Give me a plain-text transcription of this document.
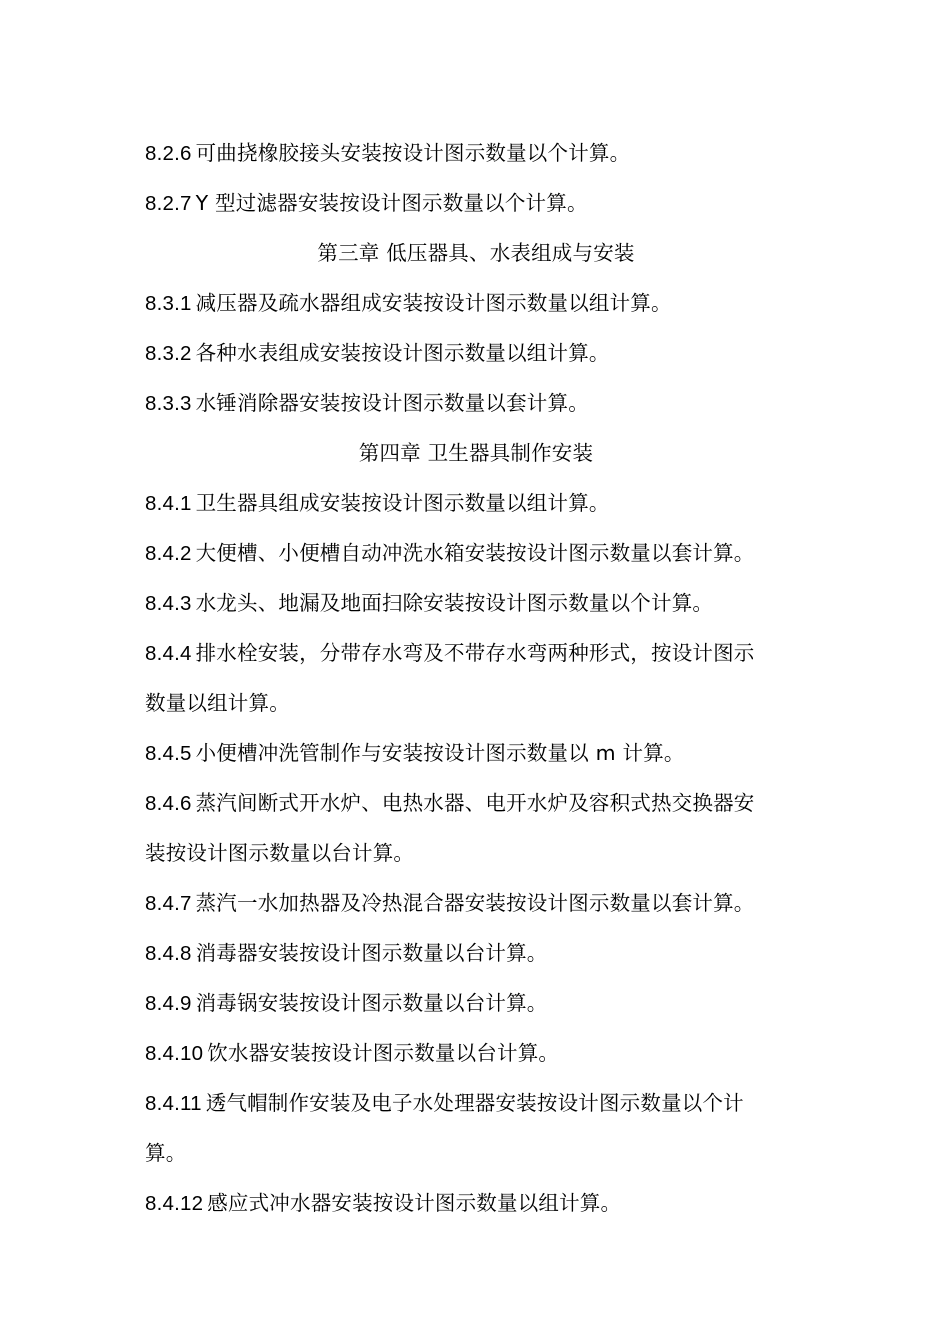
8.2.6 可曲挠橡胶接头安装按设计图示数量以个计算。
8.2.7 Y 型过滤器安装按设计图示数量以个计算。
第三章 低压器具、水表组成与安装
8.3.1 减压器及疏水器组成安装按设计图示数量以组计算。
8.3.2 各种水表组成安装按设计图示数量以组计算。
8.3.3 水锤消除器安装按设计图示数量以套计算。
第四章 卫生器具制作安装
8.4.1 卫生器具组成安装按设计图示数量以组计算。
8.4.2 大便槽、小便槽自动冲洗水箱安装按设计图示数量以套计算。
8.4.3 水龙头、地漏及地面扫除安装按设计图示数量以个计算。
8.4.4 排水栓安装，分带存水弯及不带存水弯两种形式，按设计图示
数量以组计算。
8.4.5 小便槽冲洗管制作与安装按设计图示数量以 m 计算。
8.4.6 蒸汽间断式开水炉、电热水器、电开水炉及容积式热交换器安
装按设计图示数量以台计算。
8.4.7 蒸汽一水加热器及冷热混合器安装按设计图示数量以套计算。
8.4.8 消毒器安装按设计图示数量以台计算。
8.4.9 消毒锅安装按设计图示数量以台计算。
8.4.10 饮水器安装按设计图示数量以台计算。
8.4.11 透气帽制作安装及电子水处理器安装按设计图示数量以个计
算。
8.4.12 感应式冲水器安装按设计图示数量以组计算。
